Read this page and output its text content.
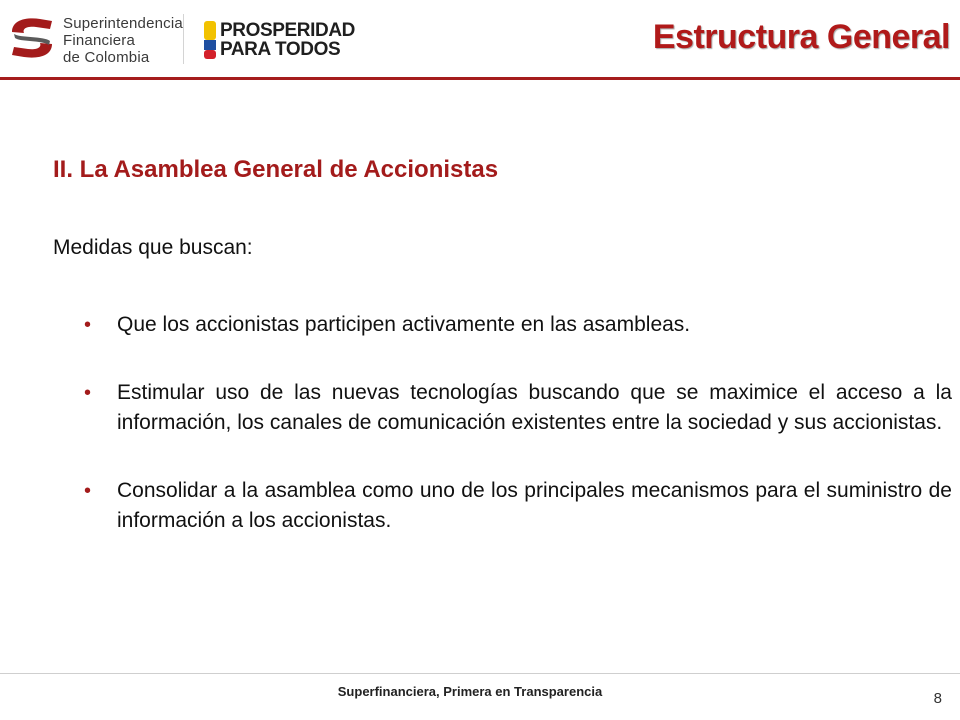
Superintendencia
Financiera
de Colombia
PROSPERIDAD
PARA TODOS	Estructura General
II. La Asamblea General de Accionistas
Medidas que buscan:
• Que los accionistas participen activamente en las asambleas.
• Estimular uso de las nuevas tecnologías buscando que se maximice el acceso a la información, los canales de comunicación existentes entre la sociedad y sus accionistas.
• Consolidar a la asamblea como uno de los principales mecanismos para el suministro de información a los accionistas.
Superfinanciera, Primera en Transparencia	8
